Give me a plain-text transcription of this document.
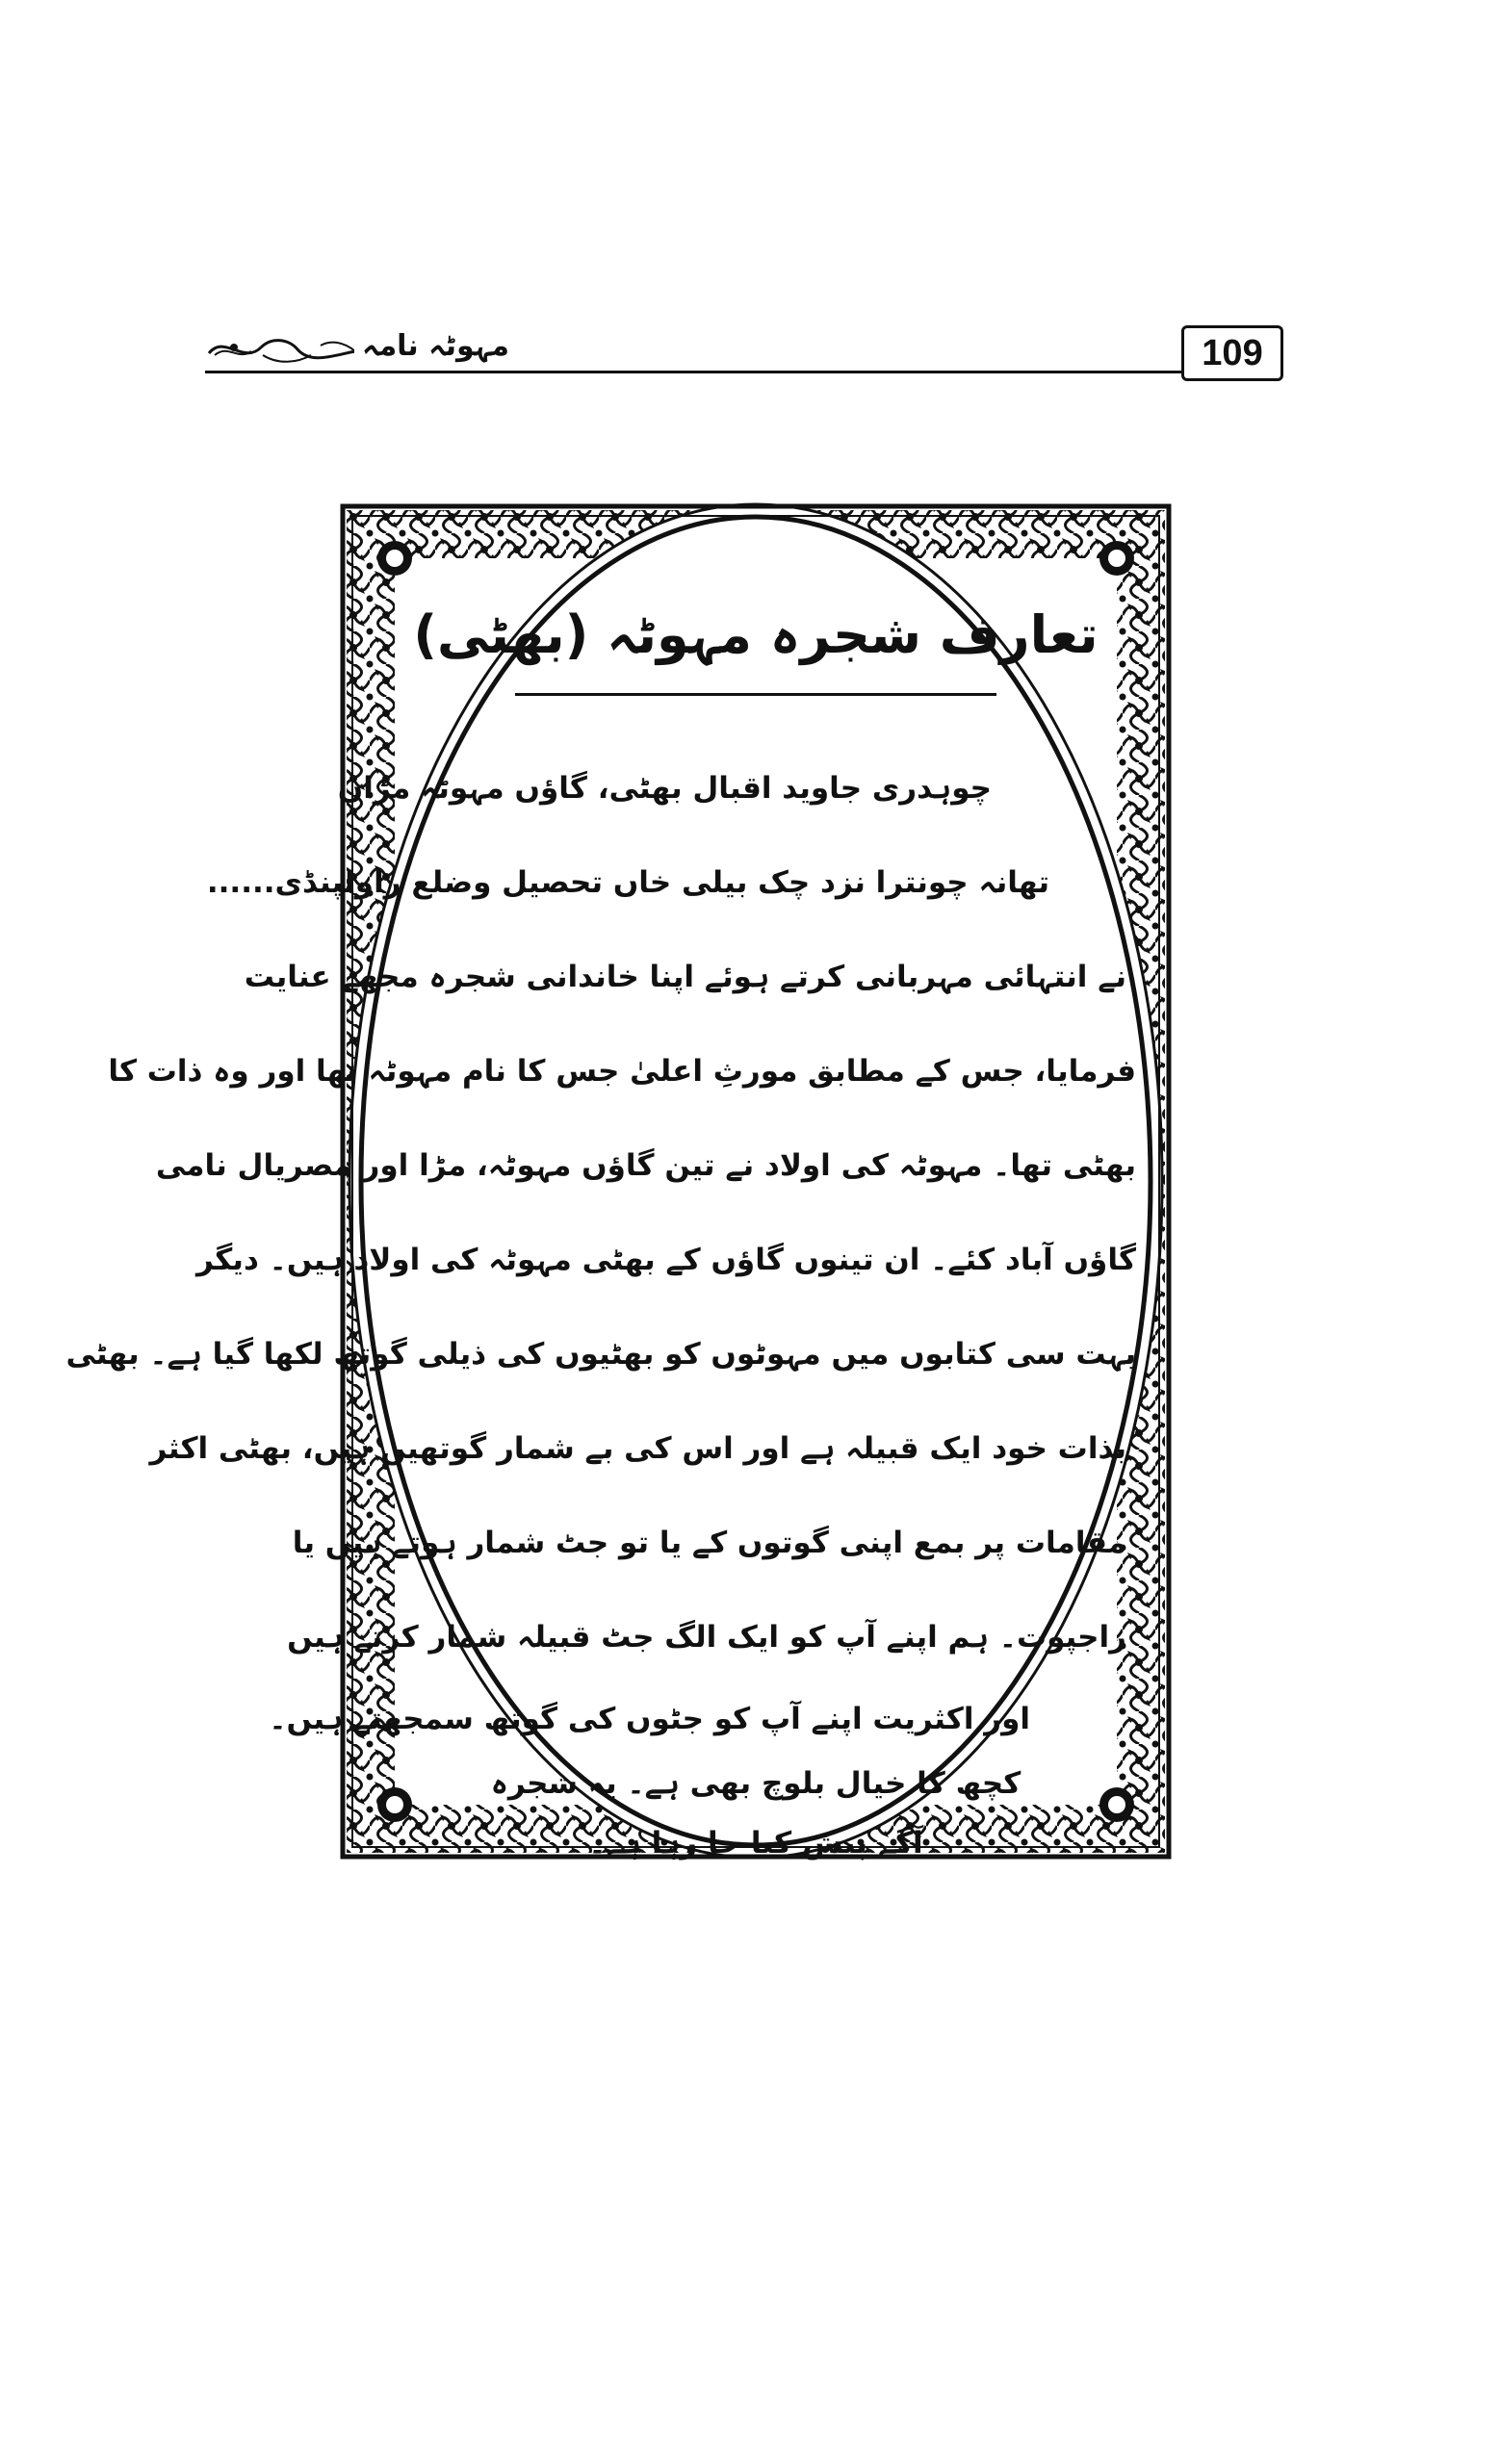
مہوٹہ نامہ	109
تعارف شجرہ مہوٹہ (بھٹی)
چوہدری جاوید اقبال بھٹی، گاؤں مہوٹہ مڑاں
تھانہ چونترا نزد چک بیلی خاں تحصیل وضلع راولپنڈی......
نے انتہائی مہربانی کرتے ہوئے اپنا خاندانی شجرہ مجھے عنایت
فرمایا، جس کے مطابق مورثِ اعلیٰ جس کا نام مہوٹہ تھا اور وہ ذات کا
بھٹی تھا۔ مہوٹہ کی اولاد نے تین گاؤں مہوٹہ، مڑا اور مصریال نامی
گاؤں آباد کئے۔ ان تینوں گاؤں کے بھٹی مہوٹہ کی اولاد ہیں۔ دیگر
بہت سی کتابوں میں مہوٹوں کو بھٹیوں کی ذیلی گوتھ لکھا گیا ہے۔ بھٹی
بذات خود ایک قبیلہ ہے اور اس کی بے شمار گوتھیں ہیں، بھٹی اکثر
مقامات پر بمع اپنی گوتوں کے یا تو جٹ شمار ہوتے ہیں یا
راجپوت۔ ہم اپنے آپ کو ایک الگ جٹ قبیلہ شمار کرتے ہیں
اور اکثریت اپنے آپ کو جٹوں کی گوتھ سمجھتے ہیں۔
کچھ کا خیال بلوچ بھی ہے۔ یہ شجرہ
آگے پیش کیا جا رہا ہے۔
